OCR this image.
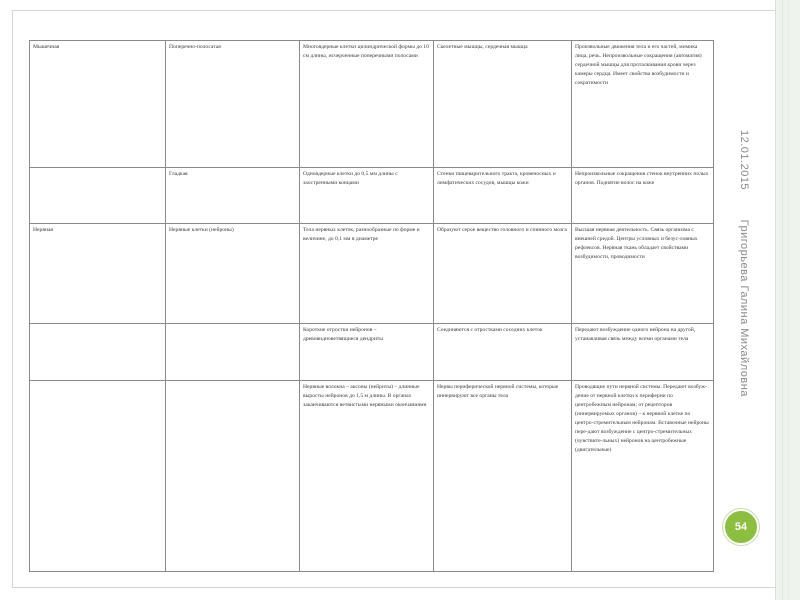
Мышечная	Поперечно-полосатая	Многоядерные клетки цилиндрической формы до 10 см длины, исчерченные поперечными полосами	Скелетные мышцы, сердечная мышца	Произвольные движения тела и его частей, мимика лица, речь. Непроизвольные сокращения (автоматия) сердечной мышцы для проталкивания крови через камеры сердца. Имеет свойства возбудимости и сократимости
	Гладкая	Одноядерные клетки до 0,5 мм длины с заостренными концами	Стенки пищеварительного тракта, кровеносных и лимфатических сосудов, мышцы кожи	Непроизвольные сокращения стенок внутренних полых органов. Поднятие волос на коже
Нервная	Нервные клетки (нейроны)	Тела нервных клеток, разнообразные по форме и величине, до 0,1 мм в диаметре	Образуют серое вещество головного и спинного мозга	Высшая нервная деятельность. Связь организма с внешней средой. Центры условных и безус-ловных рефлексов. Нервная ткань обладает свойствами возбудимости, проводимости
		Короткие отростки нейронов – древовидноветвящиеся дендриты	Соединяются с отростками соседних клеток	Передают возбуждение одного нейрона на другой, устанавливая связь между всеми органами тела
		Нервные волокна – аксоны (нейриты) – длинные выросты нейронов до 1,5 м длины. В органах заканчиваются ветвистыми нервными окончаниями	Нервы периферической нервной системы, которые иннервируют все органы тела	Проводящие пути нервной системы. Передают возбуж-дение от нервной клетки к периферии по центробежным нейронам; от рецепторов (иннервируемых органов) – к нервной клетке по центро-стремительным нейронам. Вставочные нейроны пере-дают возбуждение с центро-стремительных (чувствите-льных) нейронов на центробежные (двигательные)
12.01.2015 Григорьева Галина Михайловна
54
